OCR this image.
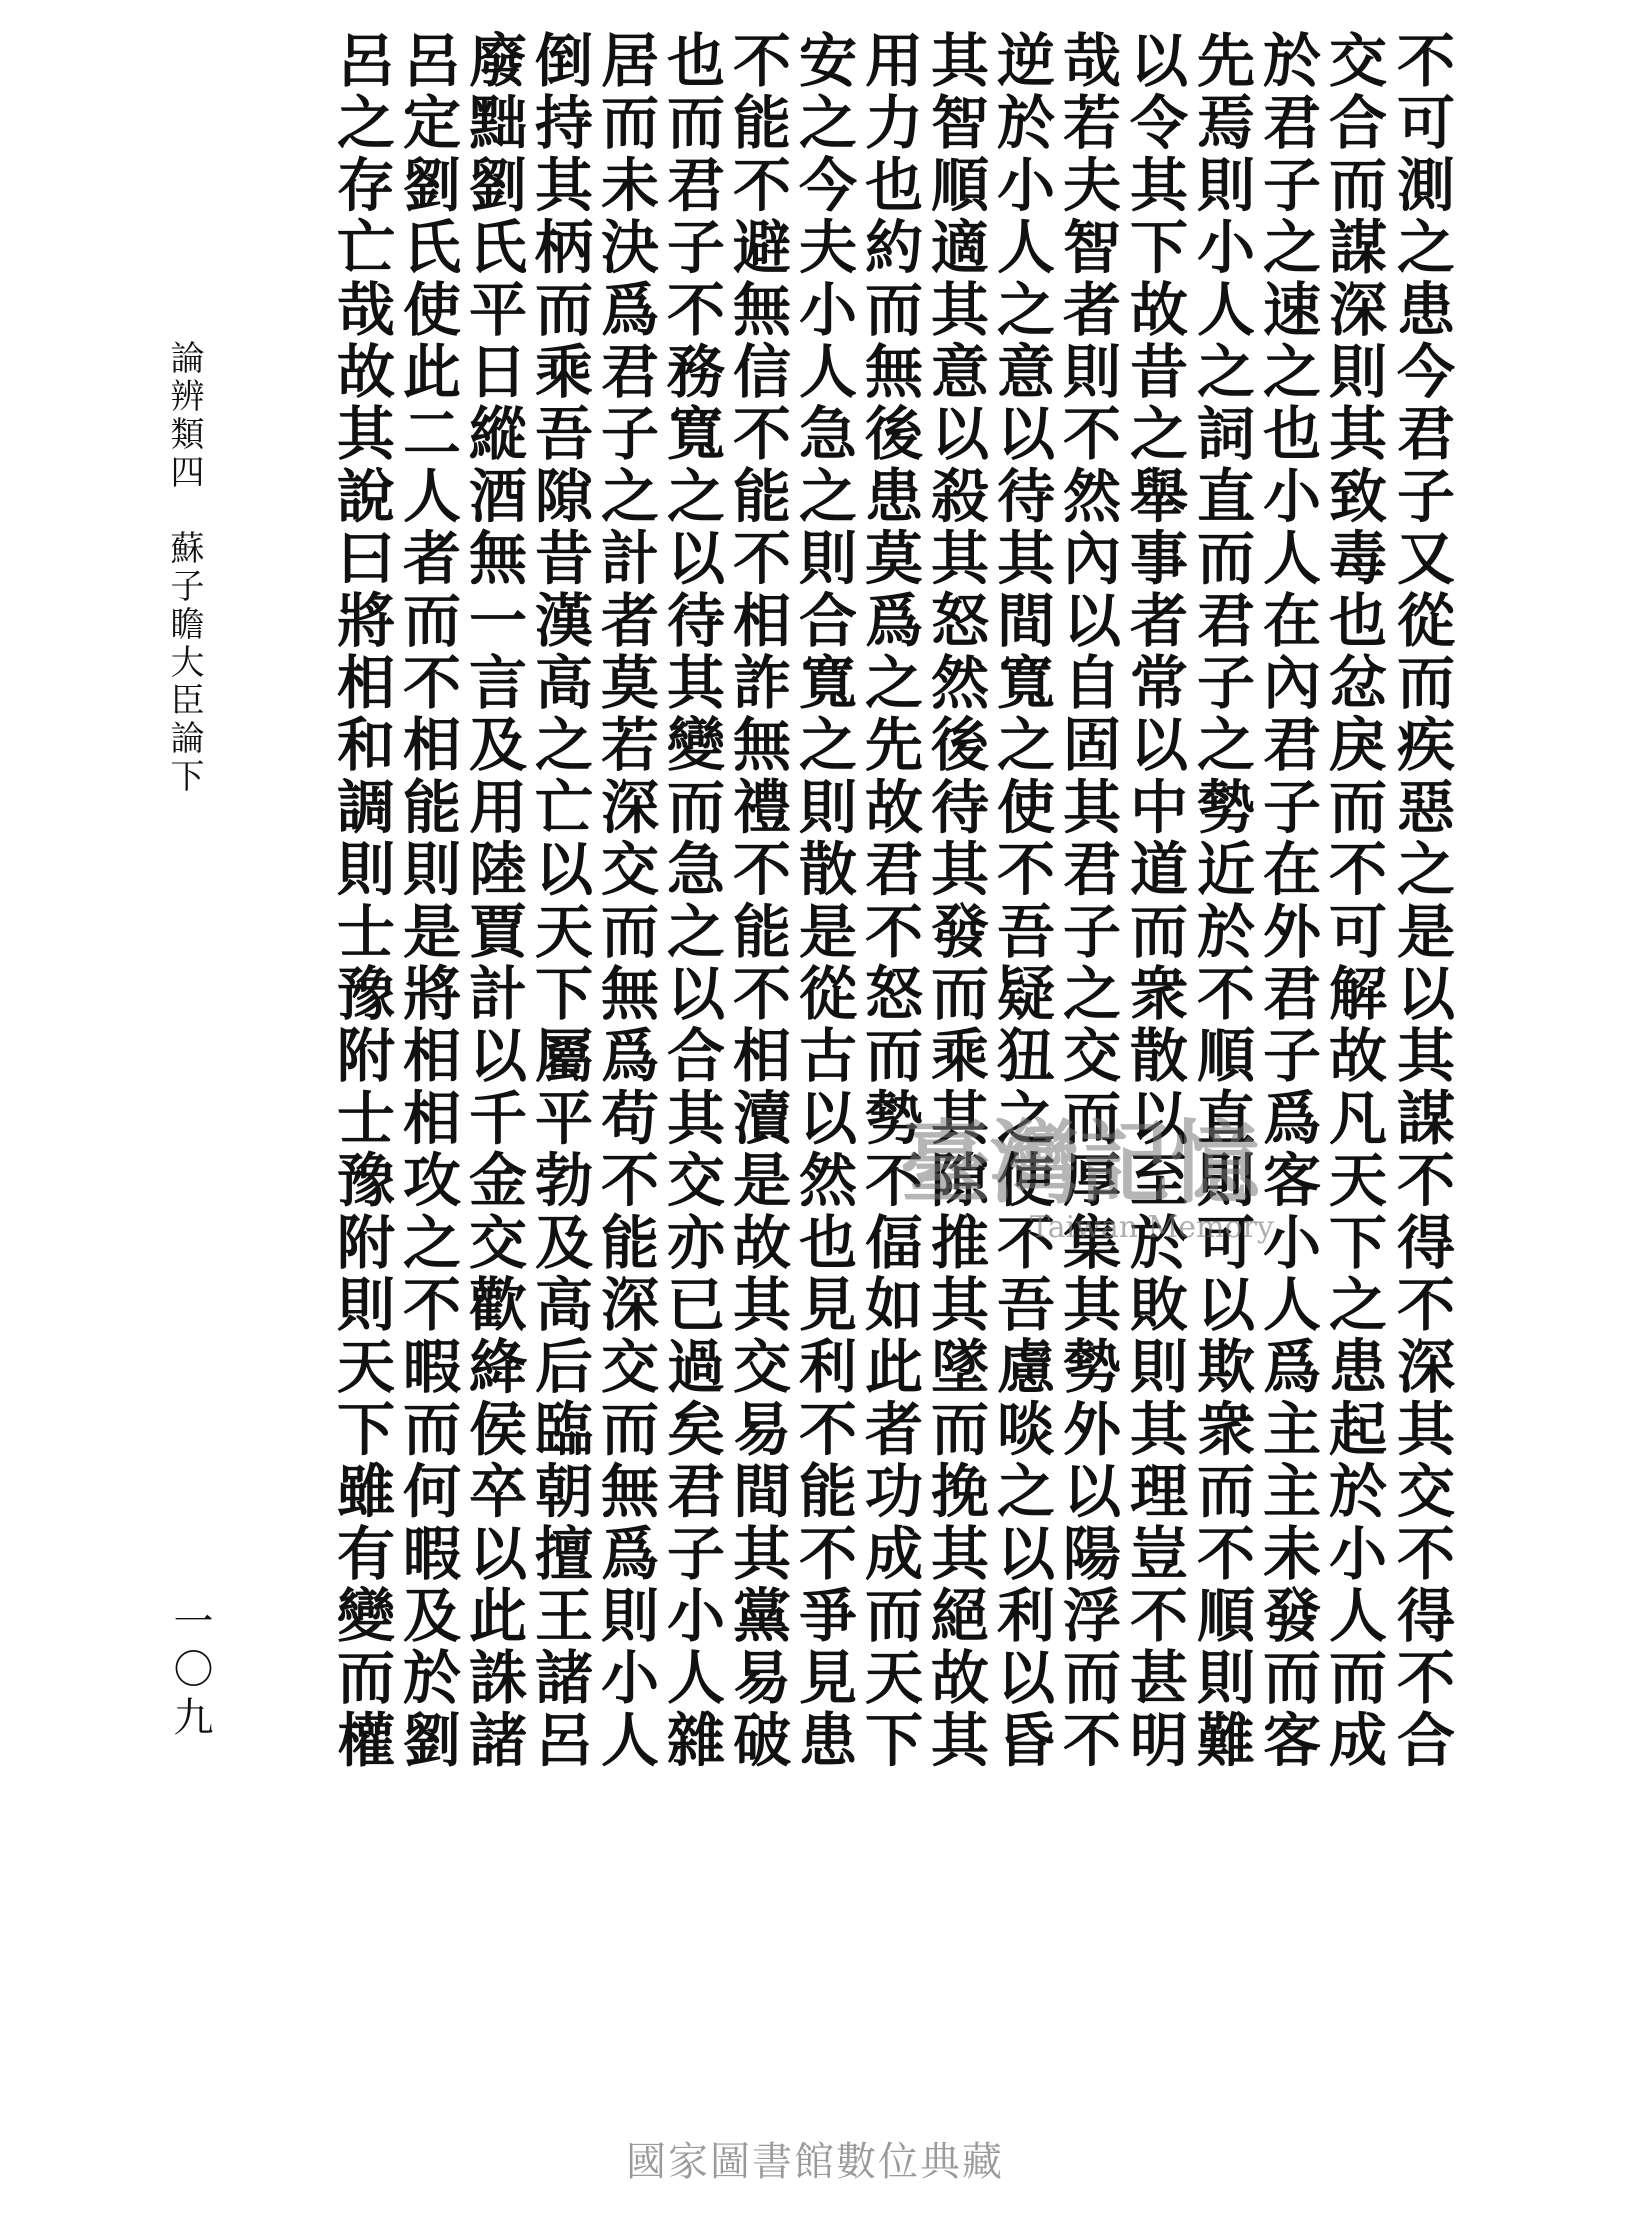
不可測之患今君子又從而疾惡之是以其謀不得不深其交不得不合
交合而謀深則其致毒也忿戾而不可解故凡天下之患起於小人而成
於君子之速之也小人在內君子在外君子爲客小人爲主主未發而客
先焉則小人之詞直而君子之勢近於不順直則可以欺衆而不順則難
以令其下故昔之舉事者常以中道而衆散以至於敗則其理豈不甚明
哉若夫智者則不然內以自固其君子之交而厚集其勢外以陽浮而不
逆於小人之意以待其間寬之使不吾疑狃之使不吾慮啖之以利以昏
其智順適其意以殺其怒然後待其發而乘其隙推其墜而挽其絕故其
用力也約而無後患莫爲之先故君不怒而勢不偪如此者功成而天下
安之今夫小人急之則合寬之則散是從古以然也見利不能不爭見患
不能不避無信不能不相詐無禮不能不相瀆是故其交易間其黨易破
也而君子不務寬之以待其變而急之以合其交亦已過矣君子小人雜
居而未決爲君子之計者莫若深交而無爲苟不能深交而無爲則小人
倒持其柄而乘吾隙昔漢高之亡以天下屬平勃及高后臨朝擅王諸呂
廢黜劉氏平日縱酒無一言及用陸賈計以千金交歡絳侯卒以此誅諸
呂定劉氏使此二人者而不相能則是將相相攻之不暇而何暇及於劉
呂之存亡哉故其說曰將相和調則士豫附士豫附則天下雖有變而權
論辨類四　蘇子瞻大臣論下
一〇九
臺灣記憶
Taiwan Memory
國家圖書館數位典藏
